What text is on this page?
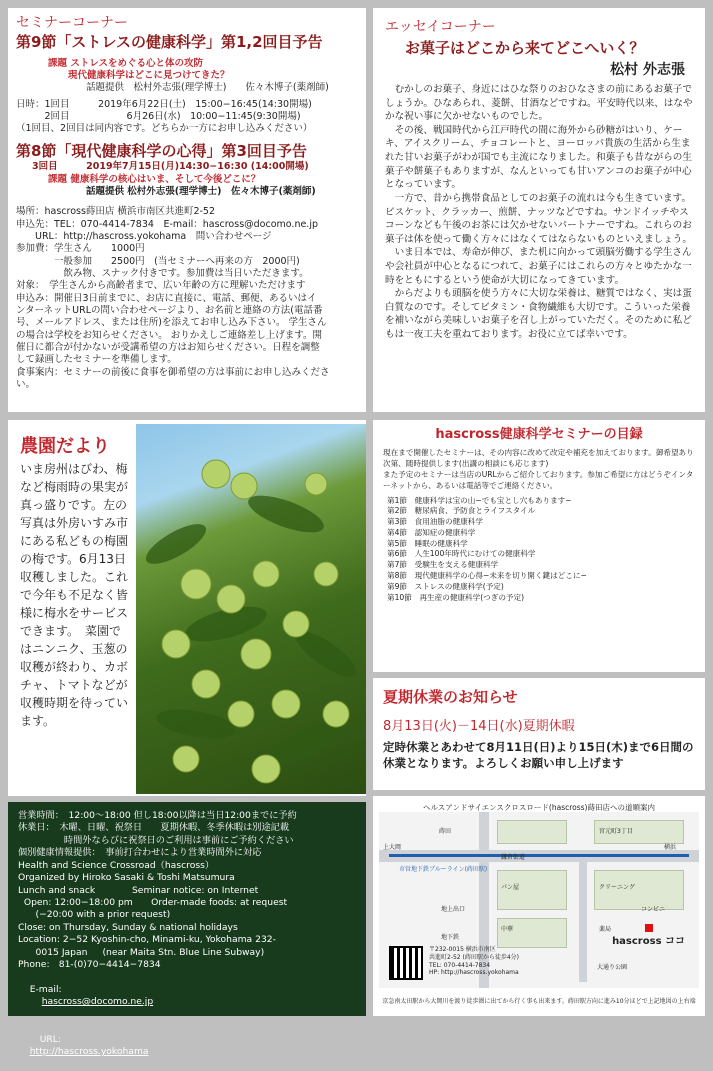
セミナーコーナー
第9節「ストレスの健康科学」第1,2回目予告
課題 ストレスをめぐる心と体の攻防
現代健康科学はどこに見つけてきた？
話題提供　松村外志張(理学博士)　　佐々木博子(薬剤師)
日時：1回目　　　2019年6月22日(土)　15:00−16:45(14:30開場)
　　　2回目　　　　　　6月26日(水)　10:00−11:45(9:30開場)
（1回目、2回目は同内容です。どちらか一方にお申し込みください）
第8節「現代健康科学の心得」第3回目予告
3回目　　　2019年7月15日(月)14:30−16:30 (14:00開場)
課題 健康科学の核心はいま、そして今後どこに？
話題提供 松村外志張(理学博士)　佐々木博子(薬剤師)
場所：hascross蒔田店 横浜市南区共進町2-52
申込先：TEL：070-4414-7834　E-mail：hascross@docomo.ne.jp
　　URL：http://hascross.yokohama　問い合わせページ
参加費：学生さん　　1000円
　　　　一般参加　　2500円　(当セミナーへ再来の方　2000円)
　　　　　飲み物、スナック付きです。参加費は当日いただきます。
対象：　学生さんから高齢者まで、広い年齢の方に理解いただけます
申込み：開催日3日前までに、お店に直接に、電話、郵便、あるいはイ
ンターネットURLの問い合わせページより、お名前と連絡の方法(電話番
号、メールアドレス、または住所)を添えてお申し込み下さい。 学生さん
の場合は学校をお知らせください。 おりかえしご連絡差し上げます。開
催日に都合が付かないが受講希望の方はお知らせください。日程を調整
して録画したセミナーを準備します。
食事案内：セミナーの前後に食事を御希望の方は事前にお申し込みくださ
い。
エッセイコーナー
お菓子はどこから来てどこへいく？
松村 外志張

むかしのお菓子、身近にはひな祭りのおひなさまの前にあるお菓子でしょうか。ひなあられ、菱餅、甘酒などですね。平安時代以来、はなやかな祝い事に欠かせないものでした。

その後、戦国時代から江戸時代の間に海外から砂糖がはいり、ケーキ、アイスクリーム、チョコレートと、ヨーロッパ貴族の生活から生まれた甘いお菓子がわが国でも主流になりました。和菓子も昔ながらの生菓子や餅菓子もありますが、なんといっても甘いアンコのお菓子が中心となっています。

一方で、昔から携帯食品としてのお菓子の流れは今も生きています。ビスケット、クラッカー、煎餅、ナッツなどですね。サンドイッチやスコーンなども午後のお茶には欠かせないパートナーですね。これらのお菓子は体を使って働く方々にはなくてはならないものといえましょう。

いま日本では、寿命が伸び、また机に向かって頭脳労働する学生さんや会社員が中心となるにつれて、お菓子にはこれらの方々とゆたかな一時をともにするという使命が大切になってきています。

からだよりも頭脳を使う方々に大切な栄養は、糖質ではなく、実は蛋白質なのです。そしてビタミン・食物繊維も大切です。こういった栄養を補いながら美味しいお菓子を召し上がっていただく。そのために私どもは一夜工夫を重ねております。お役に立てば幸いです。

農園だより
いま房州はびわ、梅など梅雨時の果実が真っ盛りです。左の写真は外房いすみ市にある私どもの梅園の梅です。6月13日収穫しました。これで今年も不足なく皆様に梅水をサービスできます。　菜園ではニンニク、玉葱の収穫が終わり、カボチャ、トマトなどが収穫時期を待っています。
hascross健康科学セミナーの目録
現在まで開催したセミナーは、その内容に改めて改定や補充を加えております。御希望あり次第、随時提供します(出講の相談にも応じます)
また予定のセミナーは当店のURLからご紹介しております。参加ご希望に方はどうぞインターネットから、あるいは電話等でご連絡ください。
第1節　健康科学は宝の山−でも宝とし穴もあります−
第2節　糖尿病食、予防食とライフスタイル
第3節　食用油脂の健康科学
第4節　認知症の健康科学
第5節　睡眠の健康科学
第6節　人生100年時代にむけての健康科学
第7節　受験生を支える健康科学
第8節　現代健康科学の心得−未来を切り開く鍵はどこに−
第9節　ストレスの健康科学(予定)
第10節　再生産の健康科学(つぎの予定)
夏期休業のお知らせ
8月13日(火)－14日(水)夏期休暇
定時休業とあわせて8月11日(日)より15日(木)まで6日間の休業となります。よろしくお願い申し上げます
営業時間：　12:00～18:00 但し18:00以降は当日12:00までに予約
休業日：　木曜、日曜、祝祭日　　夏期休暇、冬季休暇は別途記載
　　　　　時間外ならびに祝祭日のご利用は事前にご予約ください
個別健康情報提供：　事前打合わせにより営業時間外に対応
Health and Science Crossroad（hascross）
Organized by Hiroko Sasaki & Toshi Matsumura
Lunch and snack　　　　Seminar notice: on Internet
Open: 12:00−18:00 pm　　Order-made foods: at request
(−20:00 with a prior request)
Close: on Thursday, Sunday & national holidays
Location: 2−52 Kyoshin-cho, Minami-ku, Yokohama 232-
0015 Japan　  (near Maita Stn. Blue Line Subway)
Phone:　81-(0)70−4414−7834

E-mail:
hascross@docomo.ne.jp

URL:
http://hascross.yokohama

ヘルスアンドサイエンスクロスロード(hascross)蒔田店への道順案内
上大岡	横浜
市営地下鉄ブルーライン(蒔田駅)
鎌倉街道
地上出口
パン屋	クリーニング
中華	薬局
蒔田	宮元町3丁目
大通り公園
地下鉄
コンビニ
hascross ココ
〒232-0015 横浜市南区
共進町2-52 (蒔田駅から徒歩4分)
TEL: 070-4414-7834
HP: http://hascross.yokohama
京急南太田駅から大岡川を渡り徒歩圏に出てから行く事も出来ます。蒔田駅方向に進み10分ほどで上記地図の上右端
